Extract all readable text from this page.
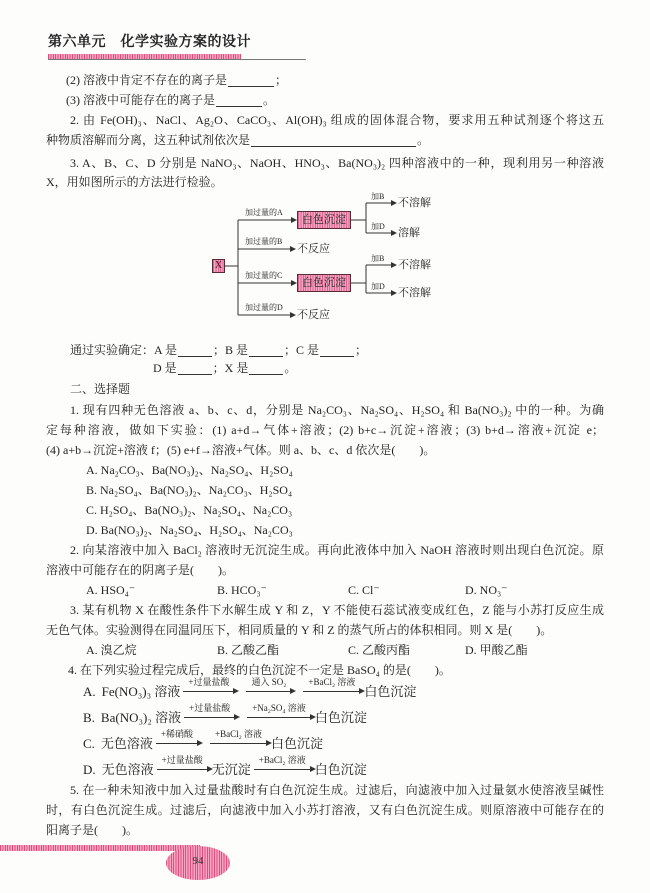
第六单元　化学实验方案的设计
(2) 溶液中肯定不存在的离子是	；
(3) 溶液中可能存在的离子是	。
2. 由 Fe(OH)₃、NaCl、Ag₂O、CaCO₃、Al(OH)₃ 组成的固体混合物，要求用五种试剂逐个将这五
种物质溶解而分离，这五种试剂依次是	。
3. A、B、C、D 分别是 NaNO₃、NaOH、HNO₃、Ba(NO₃)₂ 四种溶液中的一种，现利用另一种溶液
X，用如图所示的方法进行检验。
X
加过量的A
白色沉淀
加B
不溶解
加D
溶解
加过量的B
不反应
加过量的C
白色沉淀
加B
不溶解
加D
不溶解
加过量的D
不反应
通过实验确定：A 是	；B 是	；C 是	；
D 是	；X 是	。
二、选择题
1. 现有四种无色溶液 a、b、c、d，分别是 Na₂CO₃、Na₂SO₄、H₂SO₄ 和 Ba(NO₃)₂ 中的一种。为确
定每种溶液，做如下实验：(1) a+d→气体+溶液；(2) b+c→沉淀+溶液；(3) b+d→溶液+沉淀 e；
(4) a+b→沉淀+溶液 f；(5) e+f→溶液+气体。则 a、b、c、d 依次是(　　)。
A. Na₂CO₃、Ba(NO₃)₂、Na₂SO₄、H₂SO₄
B. Na₂SO₄、Ba(NO₃)₂、Na₂CO₃、H₂SO₄
C. H₂SO₄、Ba(NO₃)₂、Na₂SO₄、Na₂CO₃
D. Ba(NO₃)₂、Na₂SO₄、H₂SO₄、Na₂CO₃
2. 向某溶液中加入 BaCl₂ 溶液时无沉淀生成。再向此液体中加入 NaOH 溶液时则出现白色沉淀。原
溶液中可能存在的阴离子是(　　)。
A. HSO₄⁻	B. HCO₃⁻	C. Cl⁻	D. NO₃⁻
3. 某有机物 X 在酸性条件下水解生成 Y 和 Z，Y 不能使石蕊试液变成红色，Z 能与小苏打反应生成
无色气体。实验测得在同温同压下，相同质量的 Y 和 Z 的蒸气所占的体积相同。则 X 是(　　)。
A. 溴乙烷	B. 乙酸乙酯	C. 乙酸丙酯	D. 甲酸乙酯
4. 在下列实验过程完成后，最终的白色沉淀不一定是 BaSO₄ 的是(　　)。
A. Fe(NO₃)₃ 溶液
+过量盐酸 通入 SO₂ +BaCl₂ 溶液
白色沉淀
B. Ba(NO₃)₂ 溶液
+过量盐酸 +Na₂SO₄ 溶液
白色沉淀
C. 无色溶液
+稀硝酸 +BaCl₂ 溶液
白色沉淀
D. 无色溶液
+过量盐酸
无沉淀
+BaCl₂ 溶液
白色沉淀
5. 在一种未知液中加入过量盐酸时有白色沉淀生成。过滤后，向滤液中加入过量氨水使溶液呈碱性
时，有白色沉淀生成。过滤后，向滤液中加入小苏打溶液，又有白色沉淀生成。则原溶液中可能存在的
阳离子是(　　)。
94
